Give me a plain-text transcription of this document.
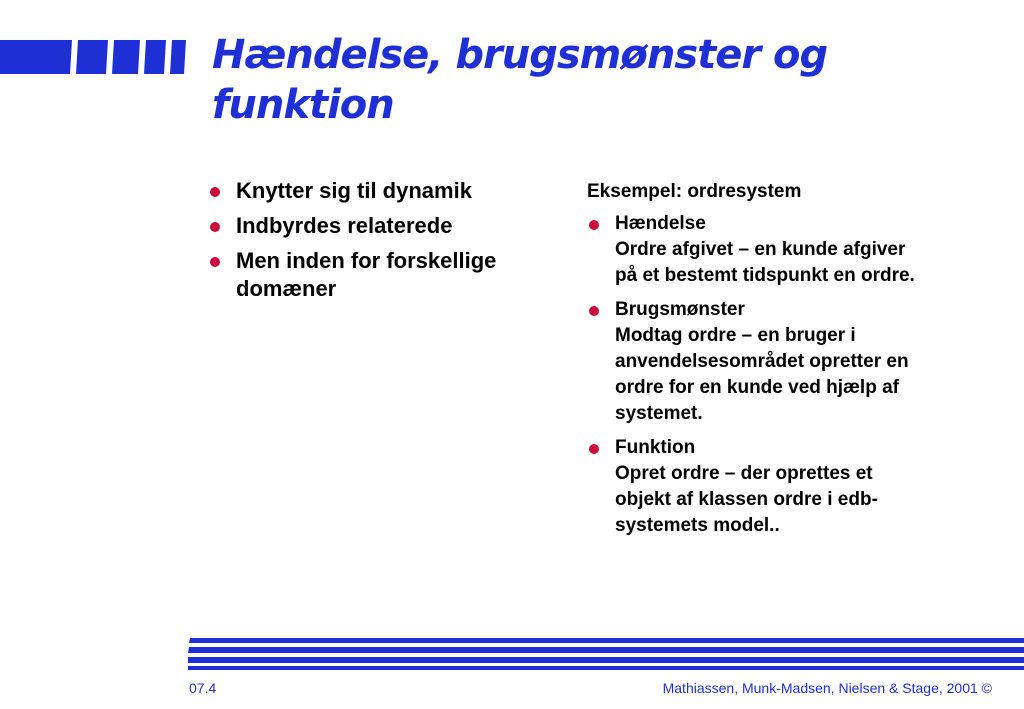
Hændelse, brugsmønster og funktion
Knytter sig til dynamik
Indbyrdes relaterede
Men inden for forskellige domæner

Eksempel: ordresystem

Hændelse
Ordre afgivet – en kunde afgiver på et bestemt tidspunkt en ordre.
Brugsmønster
Modtag ordre – en bruger i anvendelsesområdet opretter en ordre for en kunde ved hjælp af systemet.
Funktion
Opret ordre – der oprettes et objekt af klassen ordre i edb-systemets model..
07.4	Mathiassen, Munk-Madsen, Nielsen & Stage, 2001 ©
